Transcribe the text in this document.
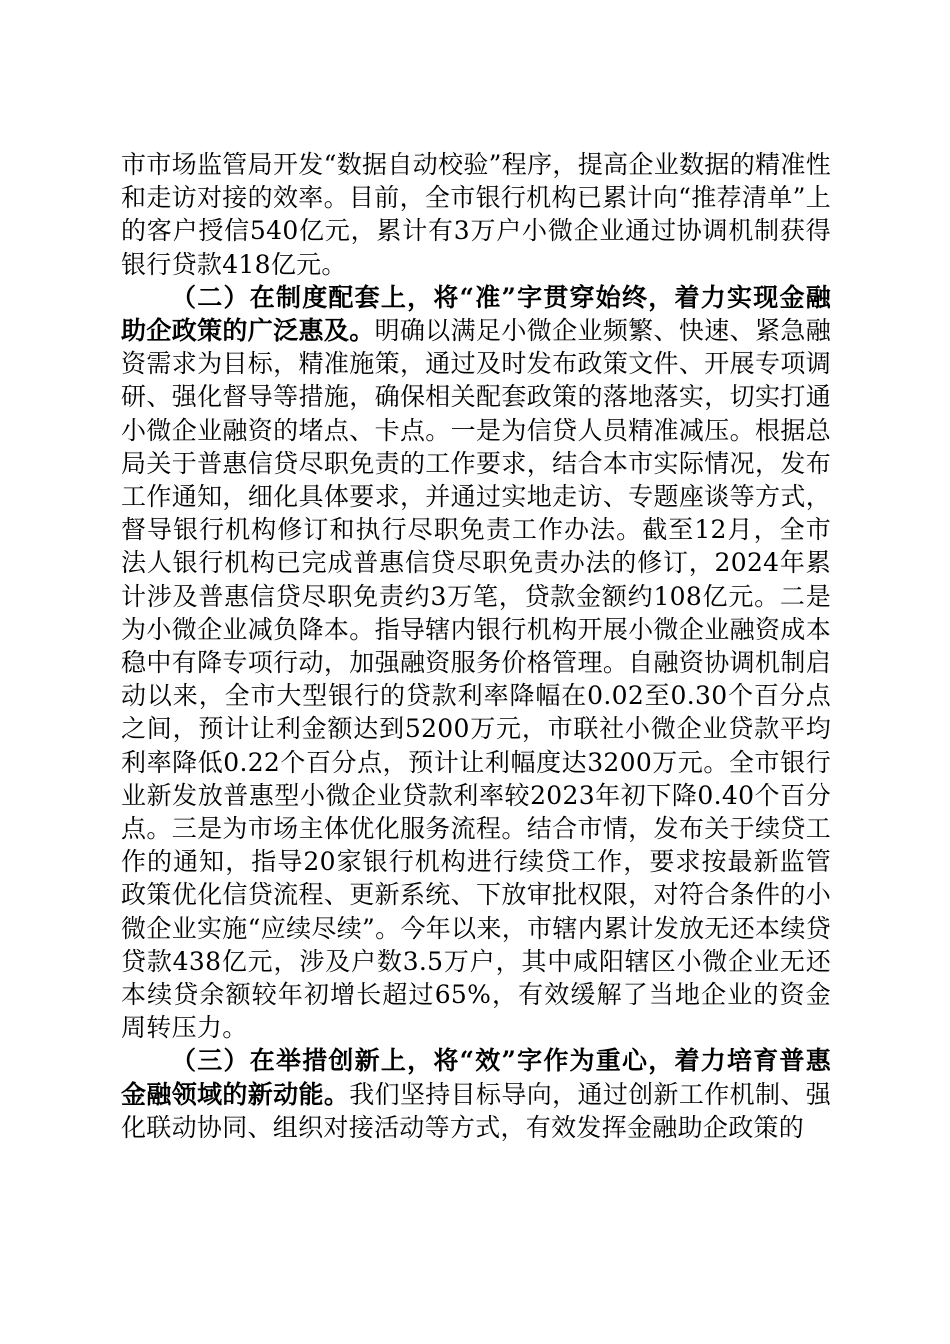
市市场监管局开发“数据自动校验”程序，提高企业数据的精准性和走访对接的效率。目前，全市银行机构已累计向“推荐清单”上的客户授信540亿元，累计有3万户小微企业通过协调机制获得银行贷款418亿元。

（二）在制度配套上，将“准”字贯穿始终，着力实现金融助企政策的广泛惠及。明确以满足小微企业频繁、快速、紧急融资需求为目标，精准施策，通过及时发布政策文件、开展专项调研、强化督导等措施，确保相关配套政策的落地落实，切实打通小微企业融资的堵点、卡点。一是为信贷人员精准减压。根据总局关于普惠信贷尽职免责的工作要求，结合本市实际情况，发布工作通知，细化具体要求，并通过实地走访、专题座谈等方式，督导银行机构修订和执行尽职免责工作办法。截至12月，全市法人银行机构已完成普惠信贷尽职免责办法的修订，2024年累计涉及普惠信贷尽职免责约3万笔，贷款金额约108亿元。二是为小微企业减负降本。指导辖内银行机构开展小微企业融资成本稳中有降专项行动，加强融资服务价格管理。自融资协调机制启动以来，全市大型银行的贷款利率降幅在0.02至0.30个百分点之间，预计让利金额达到5200万元，市联社小微企业贷款平均利率降低0.22个百分点，预计让利幅度达3200万元。全市银行业新发放普惠型小微企业贷款利率较2023年初下降0.40个百分点。三是为市场主体优化服务流程。结合市情，发布关于续贷工作的通知，指导20家银行机构进行续贷工作，要求按最新监管政策优化信贷流程、更新系统、下放审批权限，对符合条件的小微企业实施“应续尽续”。今年以来，市辖内累计发放无还本续贷贷款438亿元，涉及户数3.5万户，其中咸阳辖区小微企业无还本续贷余额较年初增长超过65%，有效缓解了当地企业的资金周转压力。

（三）在举措创新上，将“效”字作为重心，着力培育普惠金融领域的新动能。我们坚持目标导向，通过创新工作机制、强化联动协同、组织对接活动等方式，有效发挥金融助企政策的
